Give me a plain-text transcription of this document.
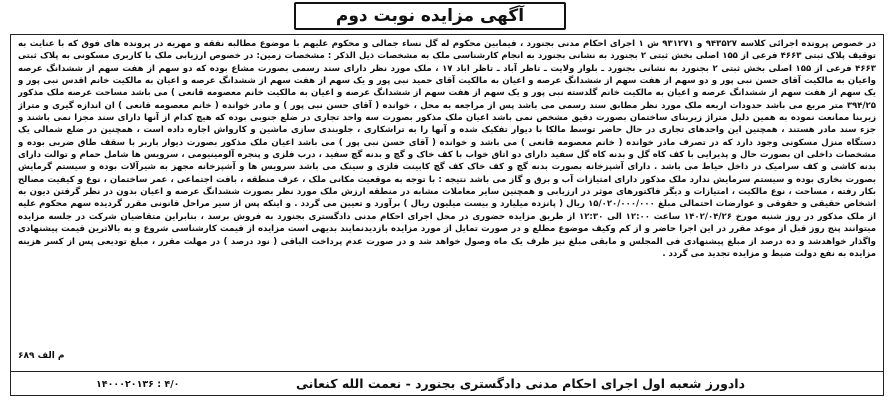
آگهی مزایده نوبت دوم
در خصوص پرونده اجرائی کلاسه ۹۴۳۵۲۷ و ۹۳۱۲۷۱ ش ۱ اجرای احکام مدنی بجنورد ، فیمابین محکوم له گل نساء جمالی و محکوم علیهم با موضوع مطالبه نفقه و مهریه در پرونده های فوق که با عنایت به توقیف پلاک ثبتی ۴۶۶۳ فرعی از ۱۵۵ اصلی بخش ثبتی ۲ بجنورد به نشانی بجنورد به انجام کارشناسی ملک به مشخصات ذیل الذکر : مشخصات زمین: در خصوص ارزیابی ملک با کاربری مسکونی به پلاک ثبتی ۴۶۶۳ فرعی از ۱۵۵ اصلی بخش ثبتی ۲ بجنورد به نشانی بجنورد ـ بلوار ولایت ـ تاظر آباد ـ تاظر اباد ۱۷ ، ملک مورد نظر دارای سند رسمی بصورت مشاع بوده که دو سهم از هفت سهم از ششدانگ عرصه واعیان به مالکیت آقای حسن نبی پور و دو سهم از هفت سهم از ششدانگ عرصه و اعیان به مالکیت آقای حمید نبی پور و یک سهم از هفت سهم از ششدانگ عرصه و اعیان به مالکیت خانم اقدس نبی پور و یک سهم از هفت سهم از ششدانگ عرصه و اعیان به مالکیت خانم گلدسته نبی پور و یک سهم از هفت سهم از ششدانگ عرصه و اعیان به مالکیت خانم معصومه قانعی ) می باشد مساحت عرصه ملک مذکور ۳۹۴/۲۵ متر مربع می باشد حدودات اربعه ملک مورد نظر مطابق سند رسمی می باشد پس از مراجعه به محل ، خوانده ( آقای حسن نبی پور ) و مادر خوانده ( خانم معصومه قانعی ) ان اندازه گیری و متراژ زیربنا ممانعت نموده به همین دلیل متراژ زیربنای ساختمان بصورت دقیق مشخص نمی باشد اعیان ملک مذکور بصورت سه واحد تجاری در ضلع جنوبی بوده که هیچ کدام از آنها دارای سند مجزا نمی باشند و جزء سند مادر هستند ، همچنین این واحدهای تجاری در حال حاضر توسط مالکا با دیوار تفکیک شده و آنها را به تراشکاری ، جلوبندی سازی ماشین و کارواش اجاره داده است ، همچنین در ضلع شمالی یک دستگاه منزل مسکونی وجود دارد که در تصرف مادر خوانده ( خانم معصومه قانعی ) می باشد و خوانده ( آقای حسن نبی پور ) می باشد اعیان ملک مذکور بصورت دیوار باربر با سقف طاق ضربی بوده و مشخصات داخلی ان بصورت حال و پذیرایی با کف کاه گل و بدنه کاه گل سفید دارای دو اتاق خواب با کف خاک و گچ و بدنه گچ سفید ، درب فلزی و پنجره آلومینیومی ، سرویس ها شامل حمام و توالت دارای بدنه کاشی و کف سرامیک در داخل حیاط می باشد . دارای آشپزخانه بصورت بدنه گچ و کف خاک کف گچ کابینت فلزی و سینک می باشد سرویس ها و آشپزخانه مجهز به شیرآلات بوده و سیستم گرمایش بصورت بخاری بوده و سیستم سرمایش ندارد ملک مذکور دارای امتیازات آب و برق و گاز می باشد نتیجه : با توجه به موقعیت مکانی ملک ، عرف منطقه ، بافت اجتماعی ، عمر ساختمان ، نوع و کیفیت مصالح بکار رفته ، مساحت ، نوع مالکیت ، امتیازات و دیگر فاکتورهای موثر در ارزیابی و همچنین سایر معاملات مشابه در منطقه ارزش ملک مورد نظر بصورت ششدانگ عرصه و اعیان بدون در نظر گرفتن دیون به اشخاص حقیقی و حقوقی و عوارضات احتمالی مبلغ ۱۵/۰۲۰/۰۰۰/۰۰۰ ریال ( پانزده میلیارد و بیست میلیون ریال ) برآورد و تعیین می گردد . و اینکه پس از سیر مراحل قانونی مقرر گردیده سهم محکوم علیه از ملک مذکور در روز شنبه مورخ ۱۴۰۲/۰۴/۲۶ ساعت ۱۲:۰۰ الی ۱۲:۳۰ از طریق مزایده حضوری در محل اجرای احکام مدنی دادگستری بجنورد به فروش برسد ، بنابراین متقاضیان شرکت در جلسه مزایده میتوانند پنج روز قبل از موعد مقرر در این اجرا حاضر و از کم وکیف موضوع مطلع و در صورت تمایل از مورد مزایده بازدیدنمایند بدیهی است مزایده از قیمت کارشناسی شروع و به بالاترین قیمت پیشنهادی واگذار خواهدشد و ده درصد از مبلغ پیشنهادی فی المجلس و مابقی مبلغ نیز ظرف یک ماه وصول خواهد شد و در صورت عدم پرداخت الباقی ( نود درصد ) در مهلت مقرر ، مبلغ تودیعی پس از کسر هزینه مزایده به نفع دولت ضبط و مزایده تجدید می گردد .
م الف ۶۸۹
دادورز شعبه اول اجرای احکام مدنی دادگستری بجنورد - نعمت الله کنعانی
۱۴۰۰۰۲۰۱۳۶ : ۴/۰
